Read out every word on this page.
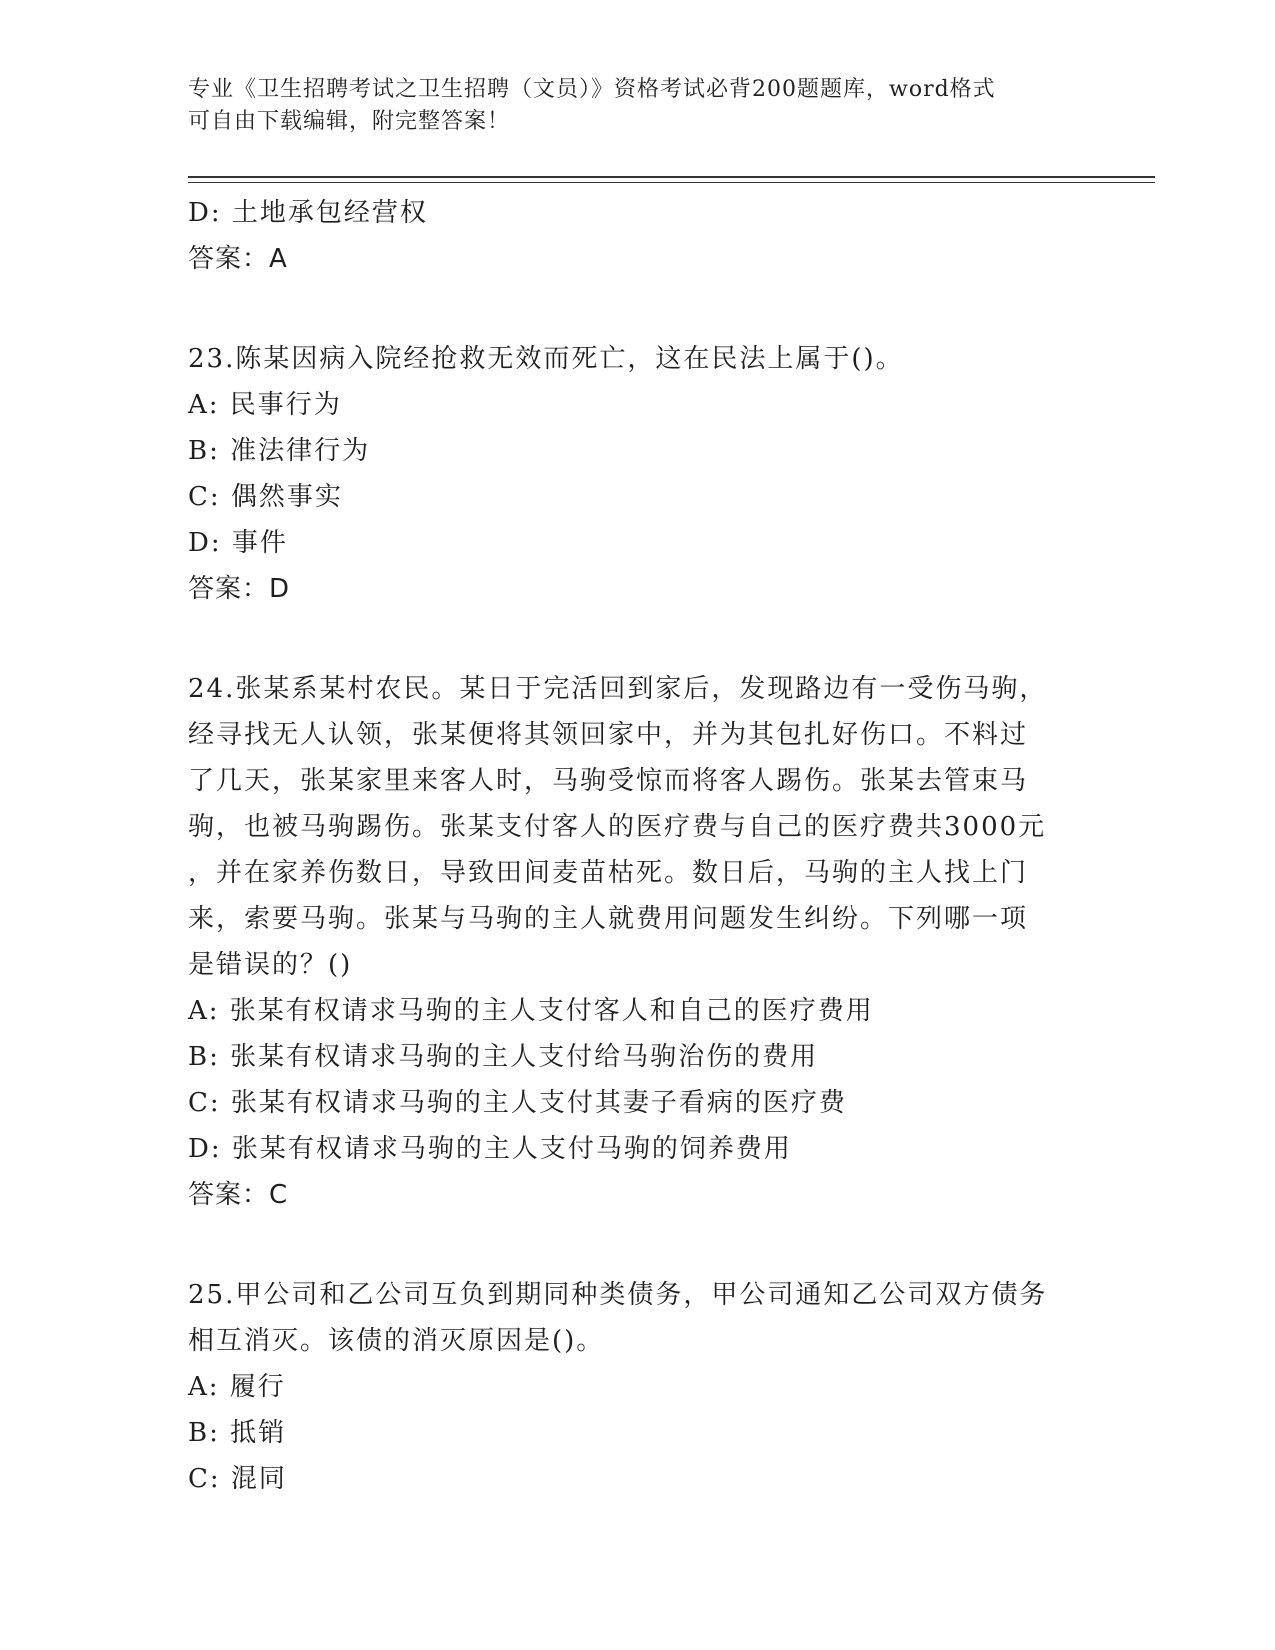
专业《卫生招聘考试之卫生招聘（文员）》资格考试必背200题题库，word格式
可自由下载编辑，附完整答案！

D: 土地承包经营权

答案：A

23.陈某因病入院经抢救无效而死亡，这在民法上属于()。

A: 民事行为

B: 准法律行为

C: 偶然事实

D: 事件

答案：D

24.张某系某村农民。某日于完活回到家后，发现路边有一受伤马驹，

经寻找无人认领，张某便将其领回家中，并为其包扎好伤口。不料过

了几天，张某家里来客人时，马驹受惊而将客人踢伤。张某去管束马

驹，也被马驹踢伤。张某支付客人的医疗费与自己的医疗费共3000元

，并在家养伤数日，导致田间麦苗枯死。数日后，马驹的主人找上门

来，索要马驹。张某与马驹的主人就费用问题发生纠纷。下列哪一项

是错误的？()

A: 张某有权请求马驹的主人支付客人和自己的医疗费用

B: 张某有权请求马驹的主人支付给马驹治伤的费用

C: 张某有权请求马驹的主人支付其妻子看病的医疗费

D: 张某有权请求马驹的主人支付马驹的饲养费用

答案：C

25.甲公司和乙公司互负到期同种类债务，甲公司通知乙公司双方债务

相互消灭。该债的消灭原因是()。

A: 履行

B: 抵销

C: 混同
